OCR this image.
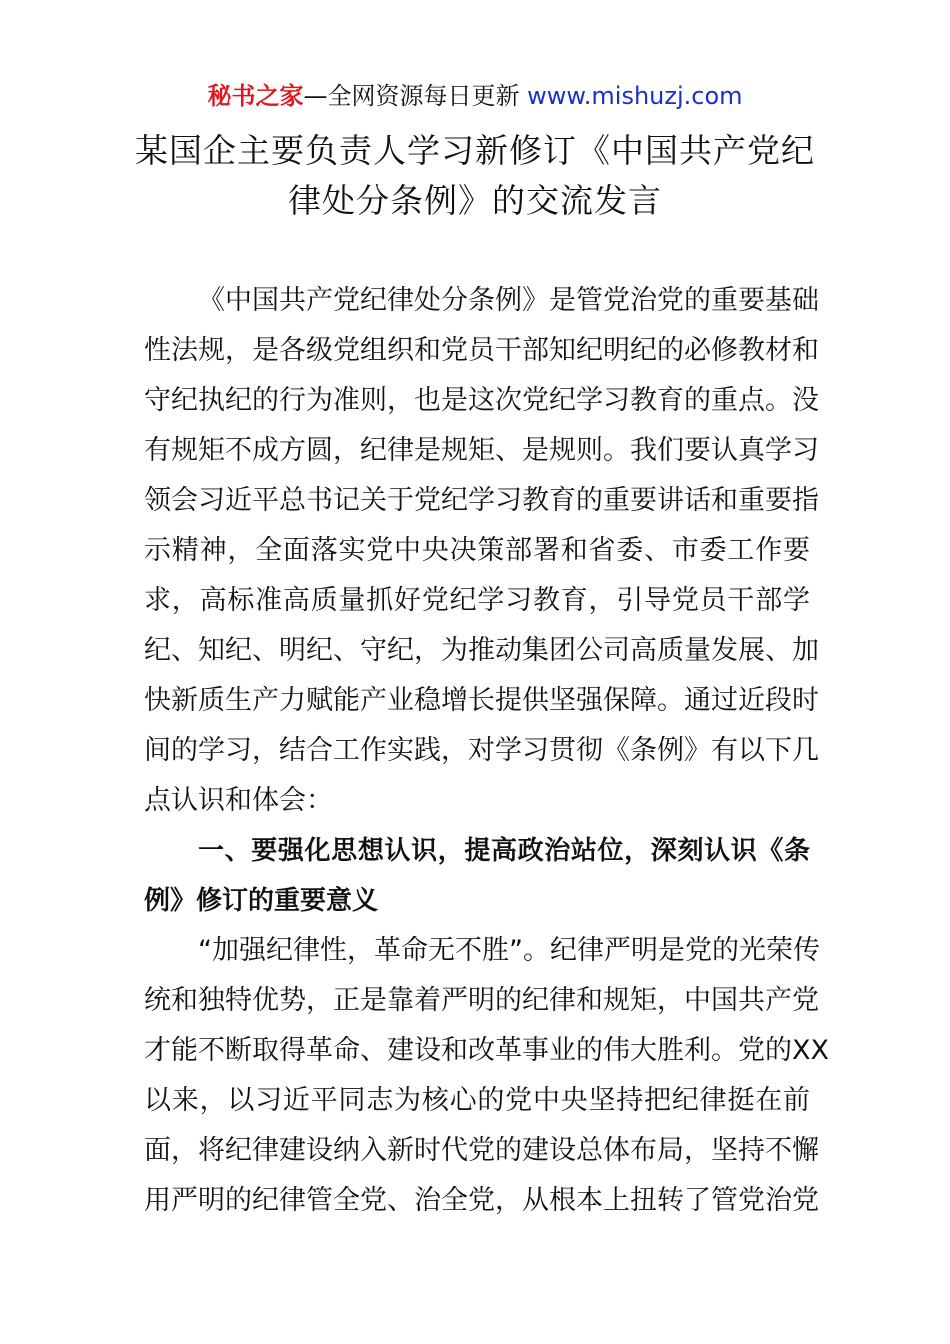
秘书之家—全网资源每日更新 www.mishuzj.com
某国企主要负责人学习新修订《中国共产党纪
律处分条例》的交流发言
《中国共产党纪律处分条例》是管党治党的重要基础
性法规，是各级党组织和党员干部知纪明纪的必修教材和
守纪执纪的行为准则，也是这次党纪学习教育的重点。没
有规矩不成方圆，纪律是规矩、是规则。我们要认真学习
领会习近平总书记关于党纪学习教育的重要讲话和重要指
示精神，全面落实党中央决策部署和省委、市委工作要
求，高标准高质量抓好党纪学习教育，引导党员干部学
纪、知纪、明纪、守纪，为推动集团公司高质量发展、加
快新质生产力赋能产业稳增长提供坚强保障。通过近段时
间的学习，结合工作实践，对学习贯彻《条例》有以下几
点认识和体会：
一、要强化思想认识，提高政治站位，深刻认识《条
例》修订的重要意义
“加强纪律性，革命无不胜”。纪律严明是党的光荣传
统和独特优势，正是靠着严明的纪律和规矩，中国共产党
才能不断取得革命、建设和改革事业的伟大胜利。党的XX
以来，以习近平同志为核心的党中央坚持把纪律挺在前
面，将纪律建设纳入新时代党的建设总体布局，坚持不懈
用严明的纪律管全党、治全党，从根本上扭转了管党治党
